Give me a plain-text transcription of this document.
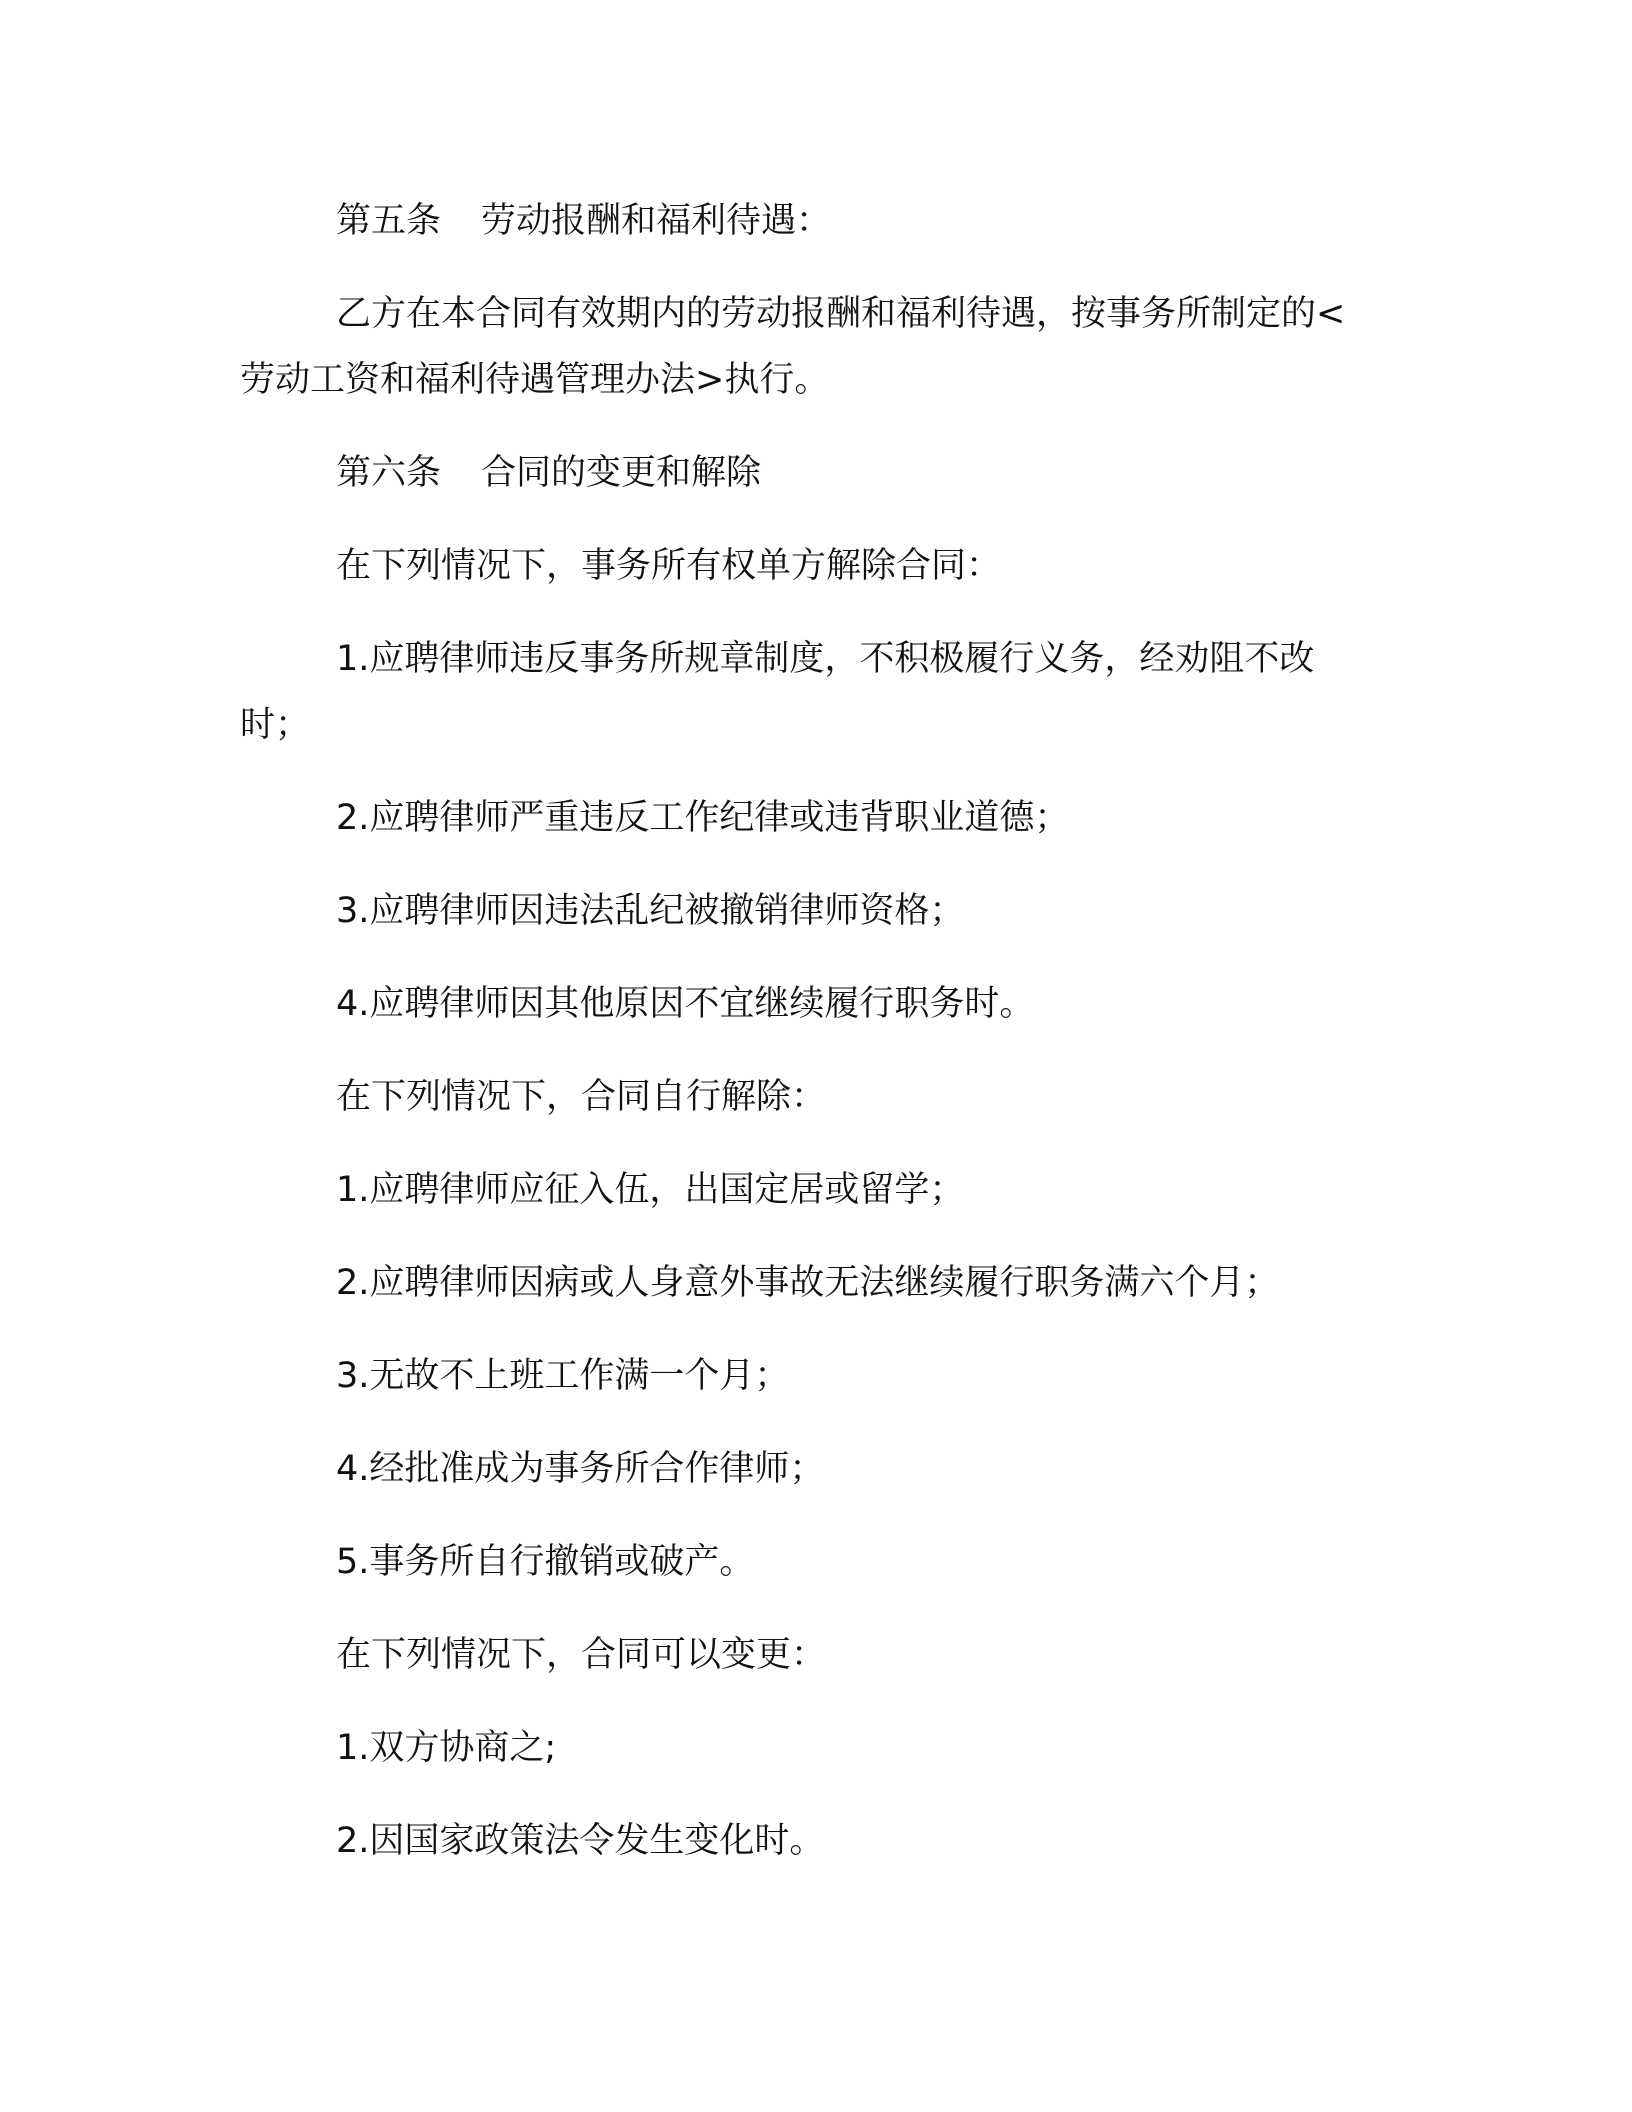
第五条 劳动报酬和福利待遇：

乙方在本合同有效期内的劳动报酬和福利待遇，按事务所制定的<劳动工资和福利待遇管理办法>执行。

第六条 合同的变更和解除

在下列情况下，事务所有权单方解除合同：

1.应聘律师违反事务所规章制度，不积极履行义务，经劝阻不改时；

2.应聘律师严重违反工作纪律或违背职业道德；

3.应聘律师因违法乱纪被撤销律师资格；

4.应聘律师因其他原因不宜继续履行职务时。

在下列情况下，合同自行解除：

1.应聘律师应征入伍，出国定居或留学；

2.应聘律师因病或人身意外事故无法继续履行职务满六个月；

3.无故不上班工作满一个月；

4.经批准成为事务所合作律师；

5.事务所自行撤销或破产。

在下列情况下，合同可以变更：

1.双方协商之;

2.因国家政策法令发生变化时。
